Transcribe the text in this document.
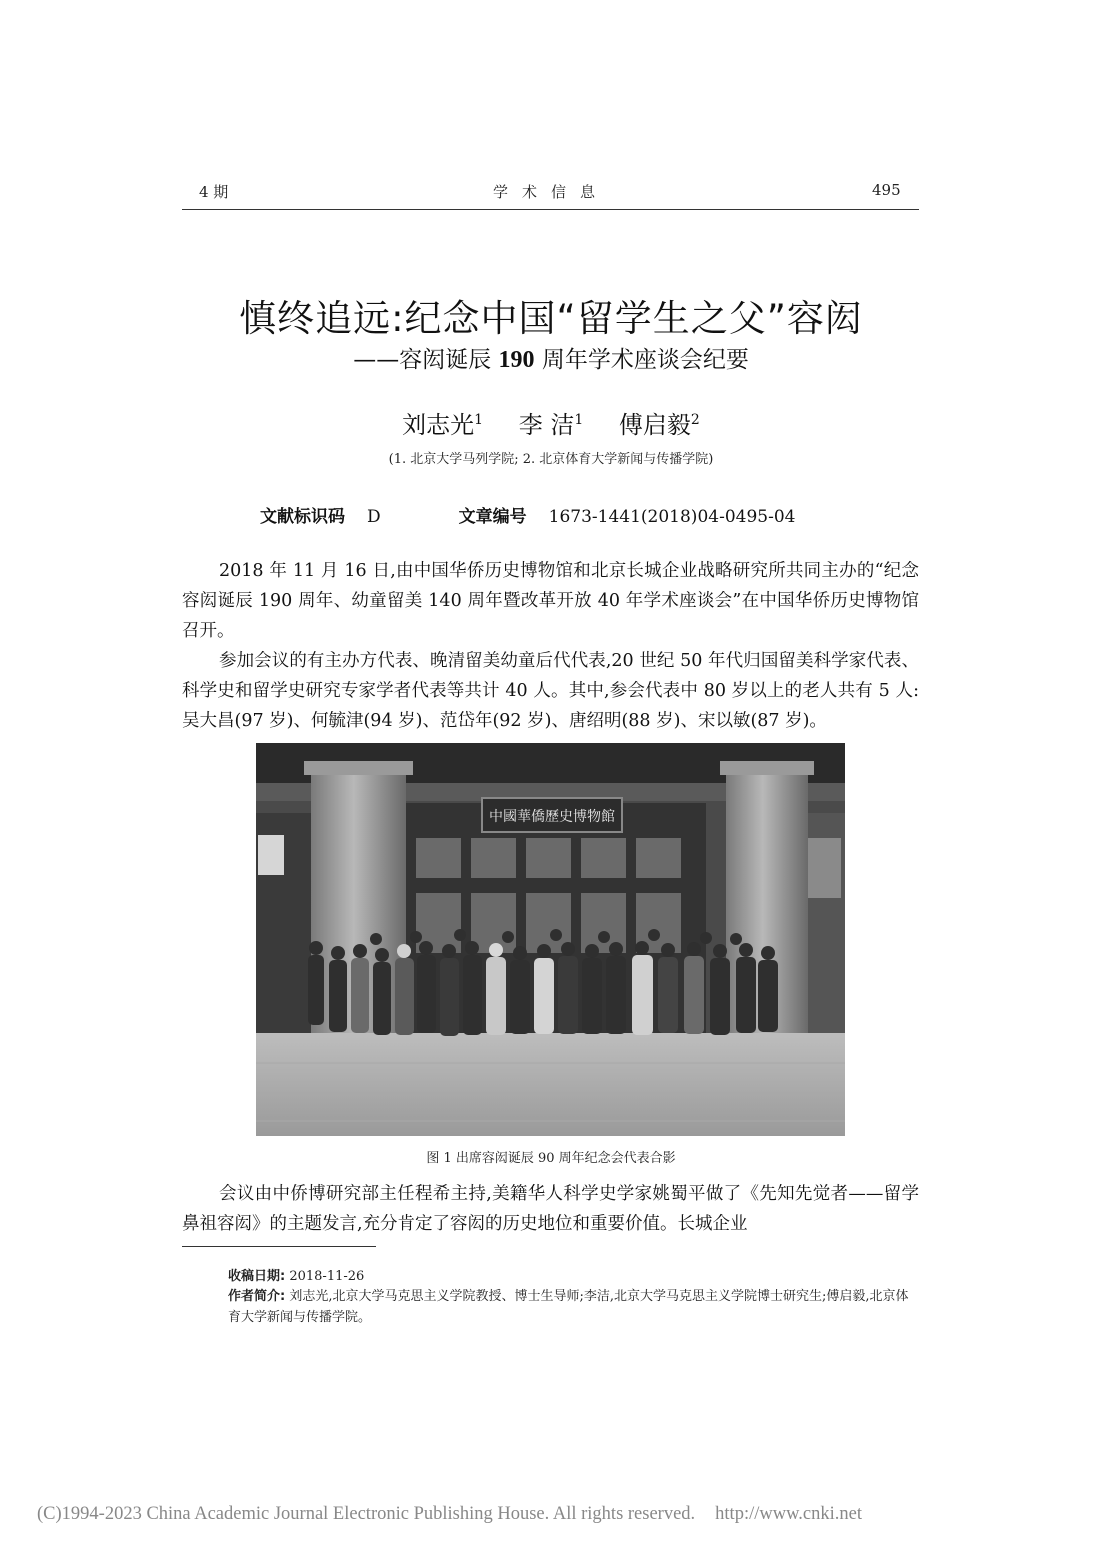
4 期	学术信息	495
慎终追远:纪念中国“留学生之父”容闳
——容闳诞辰 190 周年学术座谈会纪要
刘志光$^1$ 李 洁$^1$ 傅启毅$^2$
(1. 北京大学马列学院; 2. 北京体育大学新闻与传播学院)
文献标识码 D	文章编号 1673-1441(2018)04-0495-04
2018 年 11 月 16 日,由中国华侨历史博物馆和北京长城企业战略研究所共同主办的“纪念容闳诞辰 190 周年、幼童留美 140 周年暨改革开放 40 年学术座谈会”在中国华侨历史博物馆召开。
参加会议的有主办方代表、晚清留美幼童后代代表,20 世纪 50 年代归国留美科学家代表、科学史和留学史研究专家学者代表等共计 40 人。其中,参会代表中 80 岁以上的老人共有 5 人:吴大昌(97 岁)、何毓津(94 岁)、范岱年(92 岁)、唐绍明(88 岁)、宋以敏(87 岁)。
中國華僑歷史博物館
图 1 出席容闳诞辰 90 周年纪念会代表合影
会议由中侨博研究部主任程希主持,美籍华人科学史学家姚蜀平做了《先知先觉者——留学鼻祖容闳》的主题发言,充分肯定了容闳的历史地位和重要价值。长城企业
收稿日期: 2018-11-26
作者简介: 刘志光,北京大学马克思主义学院教授、博士生导师;李洁,北京大学马克思主义学院博士研究生;傅启毅,北京体育大学新闻与传播学院。
(C)1994-2023 China Academic Journal Electronic Publishing House. All rights reserved. http://www.cnki.net
